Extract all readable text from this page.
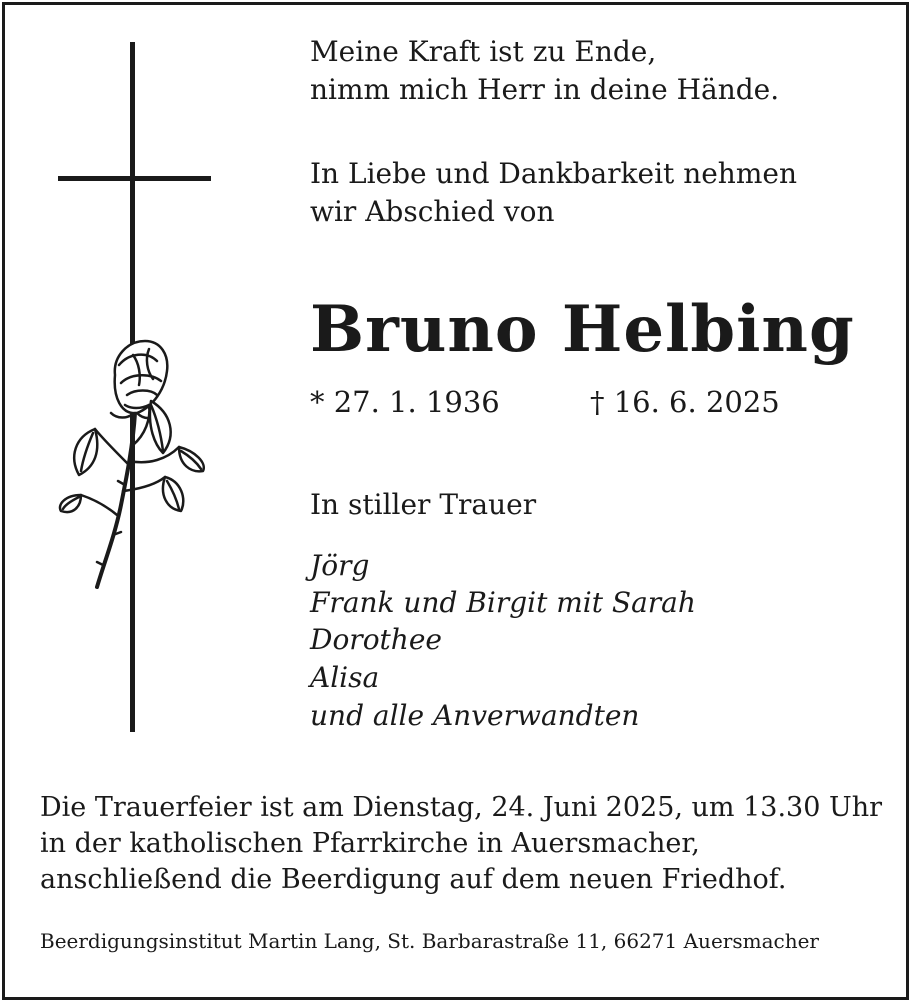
Meine Kraft ist zu Ende,
nimm mich Herr in deine Hände.
In Liebe und Dankbarkeit nehmen
wir Abschied von
Bruno Helbing
* 27. 1. 1936	† 16. 6. 2025
In stiller Trauer
Jörg
Frank und Birgit mit Sarah
Dorothee
Alisa
und alle Anverwandten
Die Trauerfeier ist am Dienstag, 24. Juni 2025, um 13.30 Uhr
in der katholischen Pfarrkirche in Auersmacher,
anschließend die Beerdigung auf dem neuen Friedhof.
Beerdigungsinstitut Martin Lang, St. Barbarastraße 11, 66271 Auersmacher
